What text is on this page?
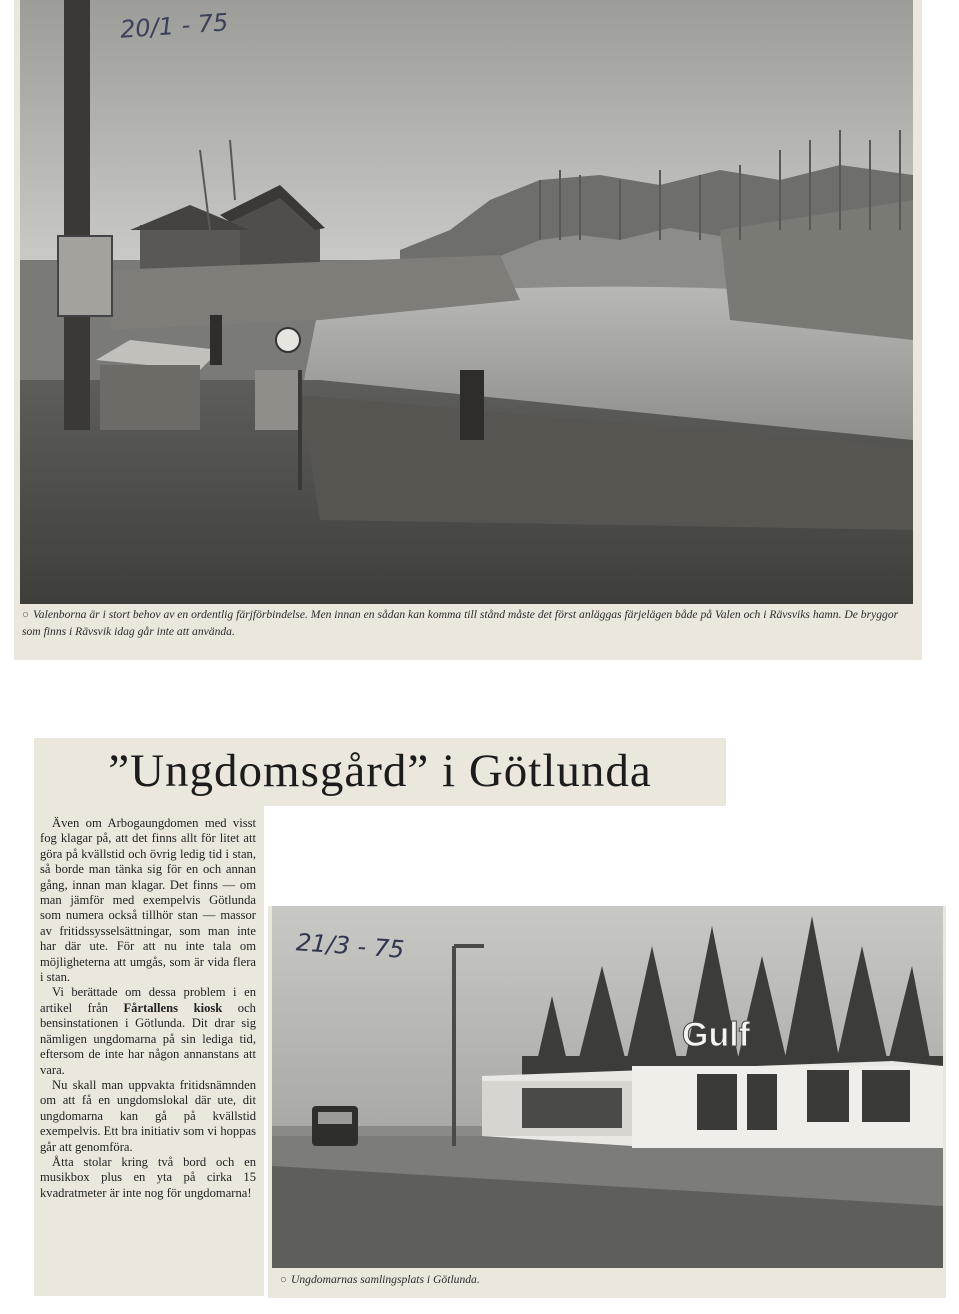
○ Valenborna är i stort behov av en ordentlig färjförbindelse. Men innan en sådan kan komma till stånd måste det först anläggas färjelägen både på Valen och i Rävsviks hamn. De bryggor som finns i Rävsvik idag går inte att använda.
20/1 - 75
”Ungdomsgård” i Götlunda

Även om Arbogaungdomen med visst fog klagar på, att det finns allt för litet att göra på kvällstid och övrig ledig tid i stan, så borde man tänka sig för en och annan gång, innan man klagar. Det finns — om man jämför med exempelvis Götlunda som numera också tillhör stan — massor av fritidssysselsättningar, som man inte har där ute. För att nu inte tala om möjligheterna att umgås, som är vida flera i stan.

Vi berättade om dessa problem i en artikel från Fårtallens kiosk och bensinstationen i Götlunda. Dit drar sig nämligen ungdomarna på sin lediga tid, eftersom de inte har någon annanstans att vara.

Nu skall man uppvakta fritidsnämnden om att få en ungdomslokal där ute, dit ungdomarna kan gå på kvällstid exempelvis. Ett bra initiativ som vi hoppas går att genomföra.

Åtta stolar kring två bord och en musikbox plus en yta på cirka 15 kvadratmeter är inte nog för ungdomarna!

Gulf
○ Ungdomarnas samlingsplats i Götlunda.
21/3 - 75
